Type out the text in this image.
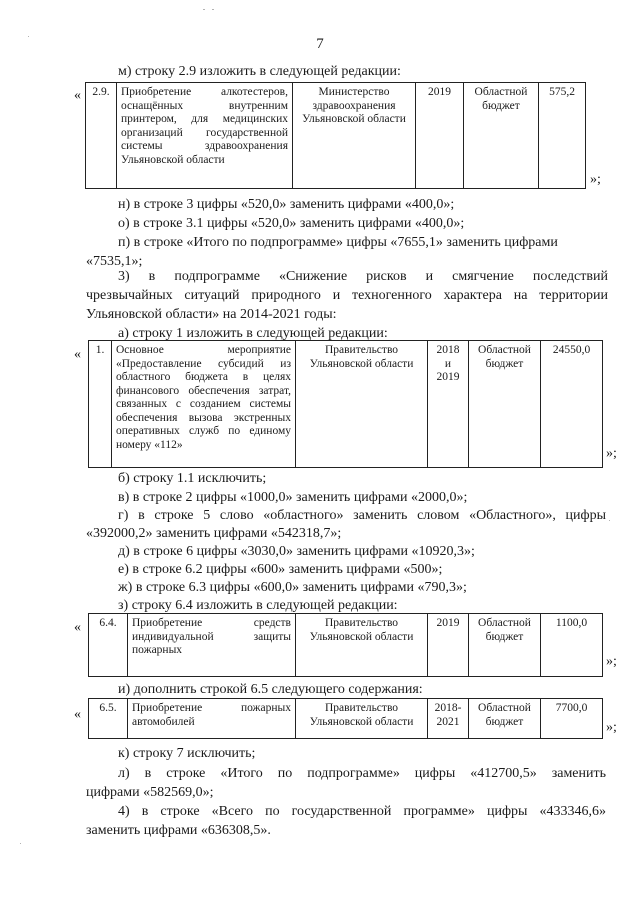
7
м) строку 2.9 изложить в следующей редакции:
« 2.9.	Приобретение алкотестеров, оснащённых внутренним принтером, для медицинских организаций государственной системы здравоохранения Ульяновской области	Министерство здравоохранения Ульяновской области	2019	Областной бюджет	575,2
»;
н) в строке 3 цифры «520,0» заменить цифрами «400,0»;
о) в строке 3.1 цифры «520,0» заменить цифрами «400,0»;
п) в строке «Итого по подпрограмме» цифры «7655,1» заменить цифрами
«7535,1»;
3) в подпрограмме «Снижение рисков и смягчение последствий
чрезвычайных ситуаций природного и техногенного характера на территории
Ульяновской области» на 2014-2021 годы:
а) строку 1 изложить в следующей редакции:
« 1.	Основное мероприятие «Предоставление субсидий из областного бюджета в целях финансового обеспечения затрат, связанных с созданием системы обеспечения вызова экстренных оперативных служб по единому номеру «112»	Правительство Ульяновской области	2018 и 2019	Областной бюджет	24550,0
»;
б) строку 1.1 исключить;
в) в строке 2 цифры «1000,0» заменить цифрами «2000,0»;
г) в строке 5 слово «областного» заменить словом «Областного», цифры
«392000,2» заменить цифрами «542318,7»;
д) в строке 6 цифры «3030,0» заменить цифрами «10920,3»;
е) в строке 6.2 цифры «600» заменить цифрами «500»;
ж) в строке 6.3 цифры «600,0» заменить цифрами «790,3»;
з) строку 6.4 изложить в следующей редакции:
« 6.4.	Приобретение средств индивидуальной защиты пожарных	Правительство Ульяновской области	2019	Областной бюджет	1100,0
»;
и) дополнить строкой 6.5 следующего содержания:
« 6.5.	Приобретение пожарных автомобилей	Правительство Ульяновской области	2018-2021	Областной бюджет	7700,0
»;
к) строку 7 исключить;
л) в строке «Итого по подпрограмме» цифры «412700,5» заменить
цифрами «582569,0»;
4) в строке «Всего по государственной программе» цифры «433346,6»
заменить цифрами «636308,5».
